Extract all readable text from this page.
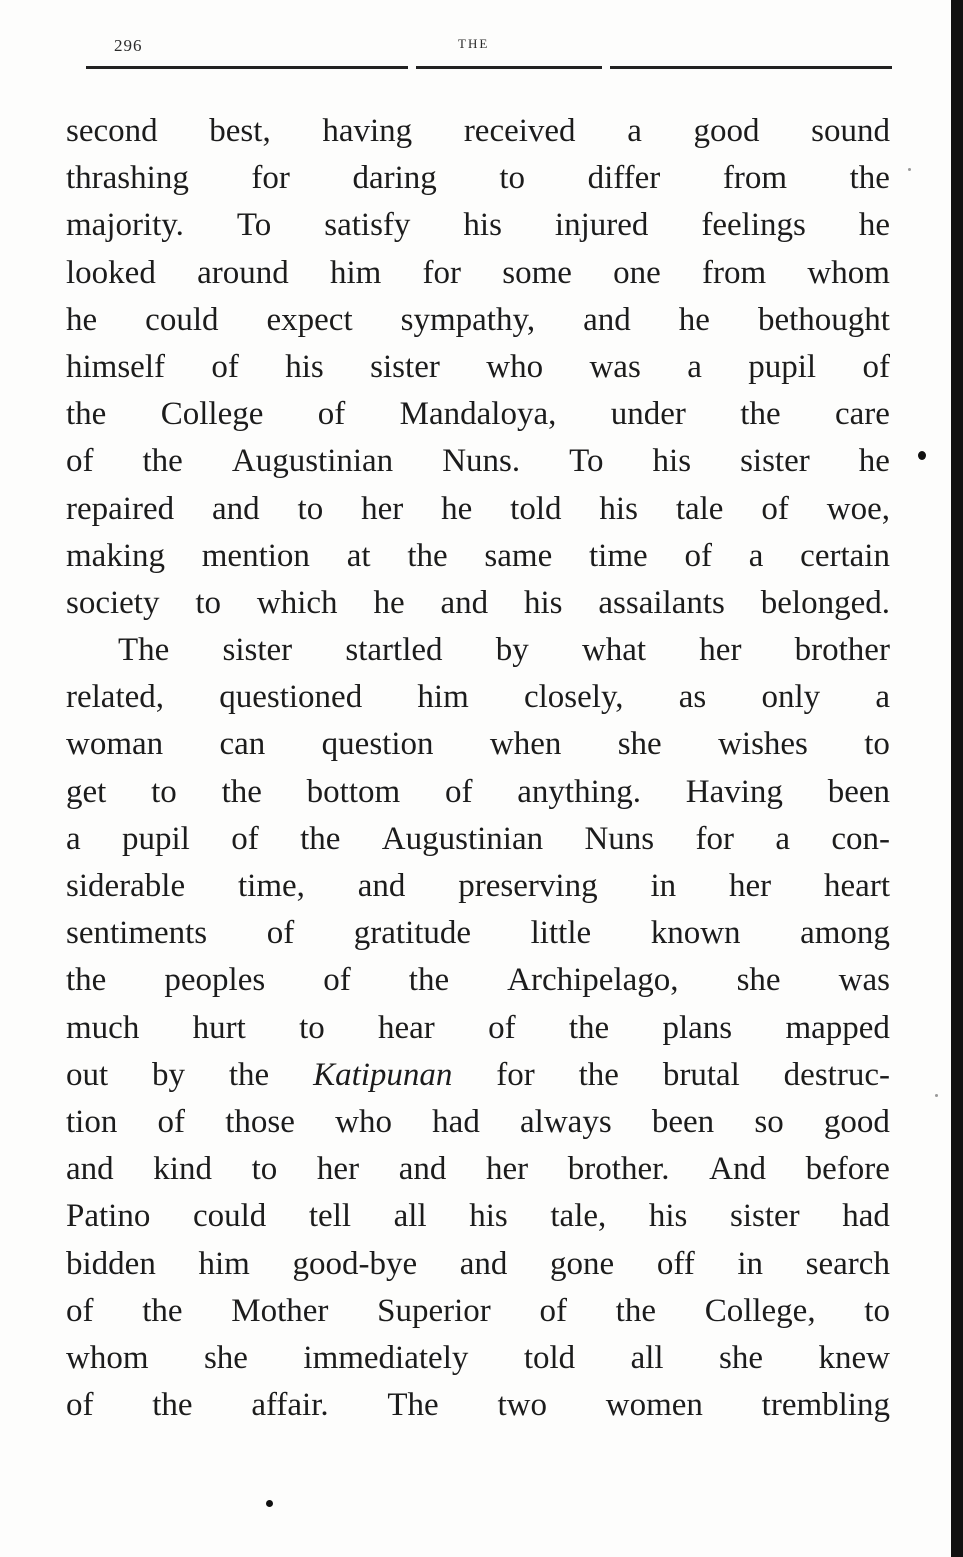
296	THE
second best, having received a good sound
thrashing for daring to differ from the
majority. To satisfy his injured feelings he
looked around him for some one from whom
he could expect sympathy, and he bethought
himself of his sister who was a pupil of
the College of Mandaloya, under the care
of the Augustinian Nuns. To his sister he
repaired and to her he told his tale of woe,
making mention at the same time of a certain
society to which he and his assailants belonged.
The sister startled by what her brother
related, questioned him closely, as only a
woman can question when she wishes to
get to the bottom of anything. Having been
a pupil of the Augustinian Nuns for a con-
siderable time, and preserving in her heart
sentiments of gratitude little known among
the peoples of the Archipelago, she was
much hurt to hear of the plans mapped
out by the Katipunan for the brutal destruc-
tion of those who had always been so good
and kind to her and her brother. And before
Patino could tell all his tale, his sister had
bidden him good-bye and gone off in search
of the Mother Superior of the College, to
whom she immediately told all she knew
of the affair. The two women trembling
